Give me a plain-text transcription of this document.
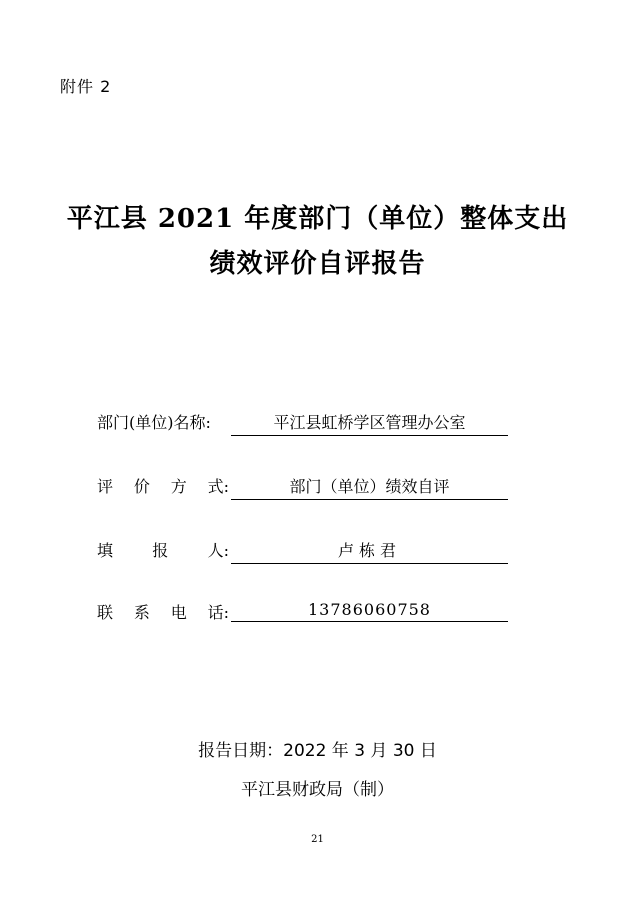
附件 2
平江县 2021 年度部门（单位）整体支出
绩效评价自评报告
部门(单位)名称:	平江县虹桥学区管理办公室
评 价 方 式:	部门（单位）绩效自评
填 报 人:	卢栋君
联 系 电 话:	13786060758
报告日期：2022 年 3 月 30 日
平江县财政局（制）
21
